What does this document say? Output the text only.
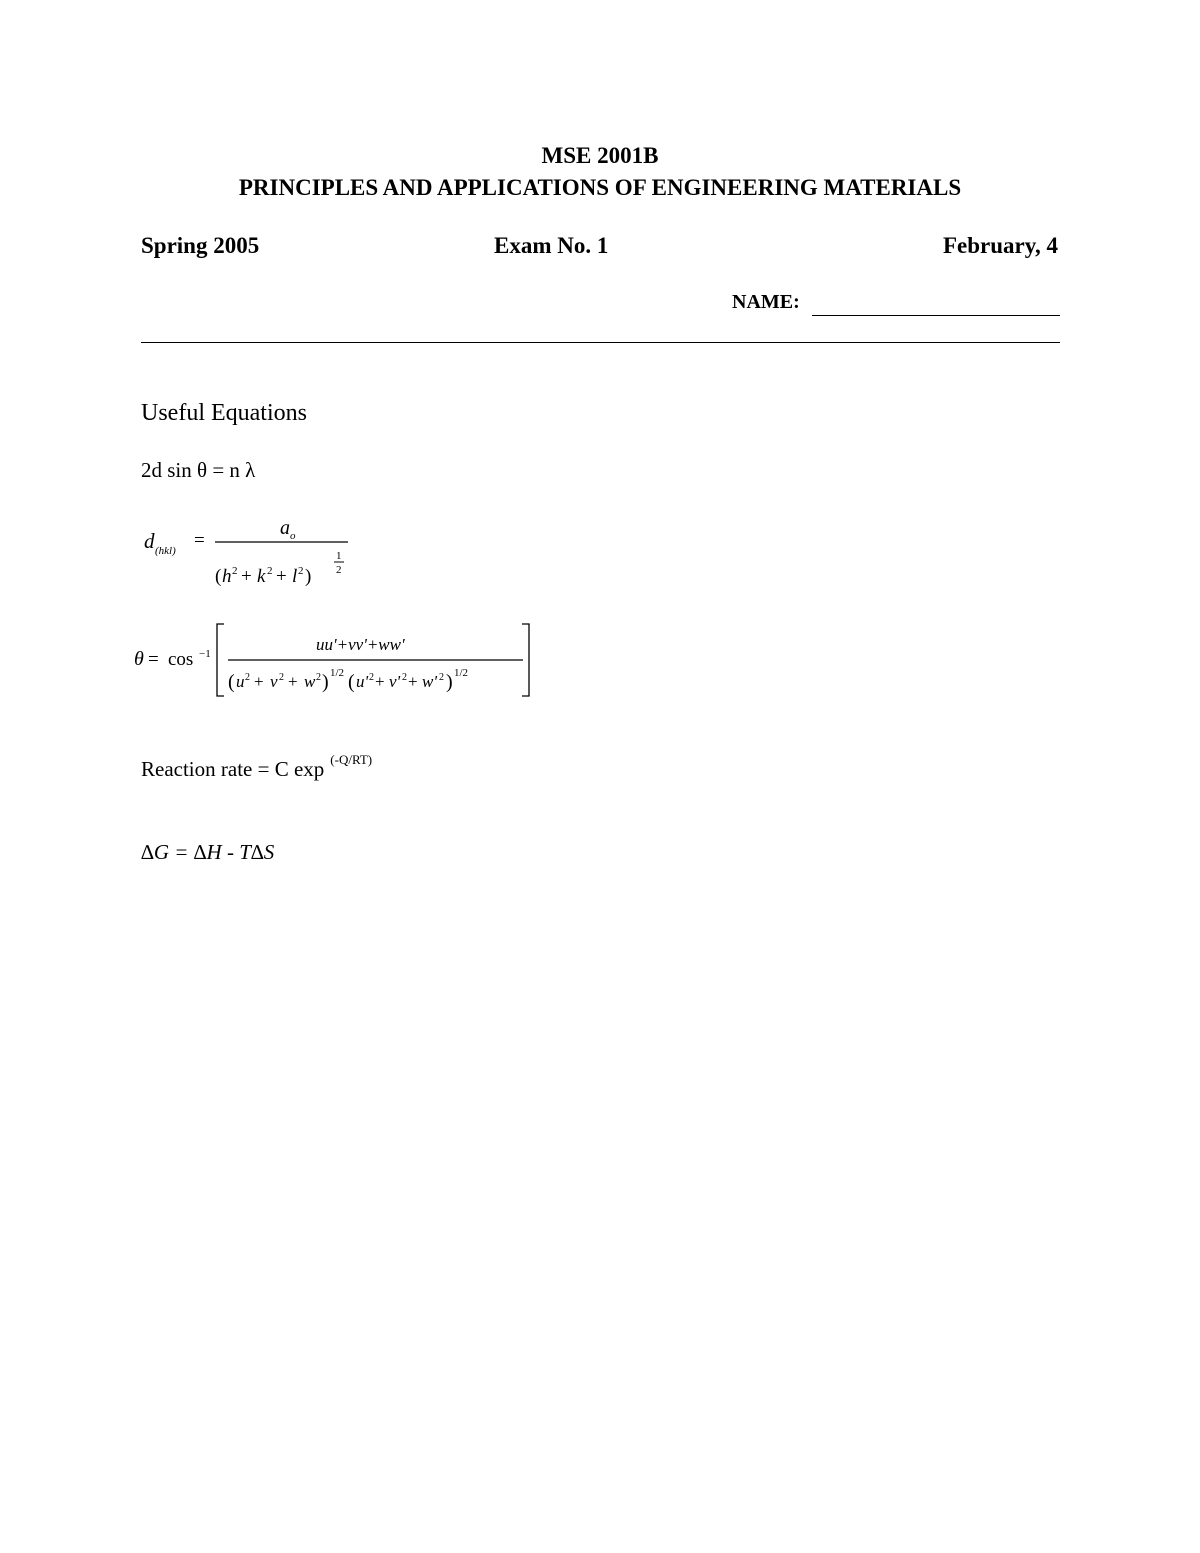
MSE 2001B
PRINCIPLES AND APPLICATIONS OF ENGINEERING MATERIALS
Spring 2005	Exam No. 1	February, 4
NAME:
Useful Equations
2d sin θ = n λ
d (hkl) =
a o
( h 2 + k 2 + l 2 )
1
2
θ = cos −1	uu'+vv'+ww'
( u 2 + v 2 + w 2 ) 1/2 ( u' 2 + v' 2 + w' 2 ) 1/2
Reaction rate = C exp $^{(-Q/RT)}$
∆G = ∆H - T∆S
